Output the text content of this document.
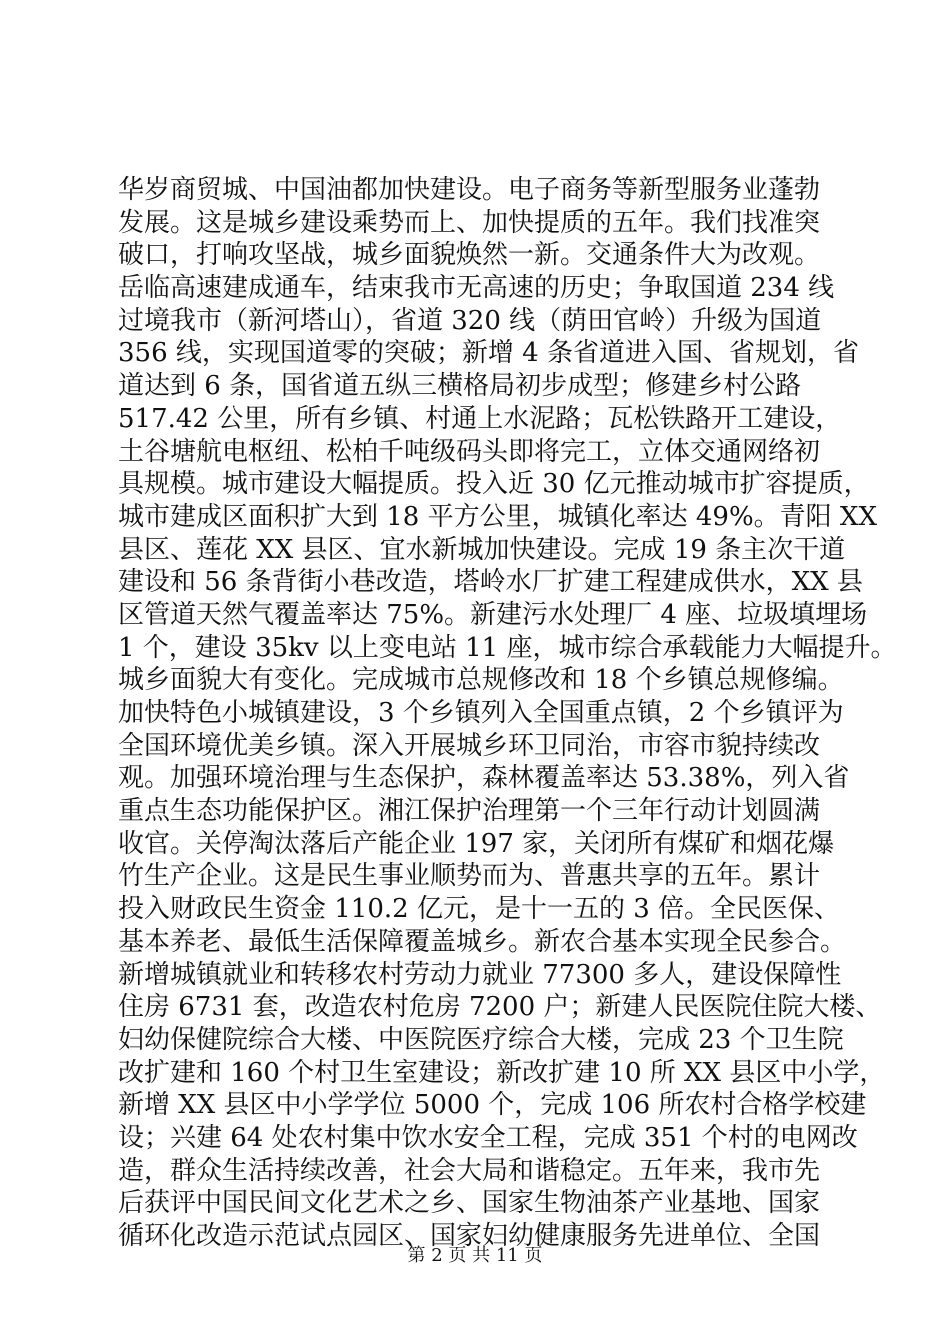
华岁商贸城、中国油都加快建设。电子商务等新型服务业蓬勃
发展。这是城乡建设乘势而上、加快提质的五年。我们找准突
破口，打响攻坚战，城乡面貌焕然一新。交通条件大为改观。
岳临高速建成通车，结束我市无高速的历史；争取国道 234 线
过境我市（新河塔山），省道 320 线（荫田官岭）升级为国道
356 线，实现国道零的突破；新增 4 条省道进入国、省规划，省
道达到 6 条，国省道五纵三横格局初步成型；修建乡村公路
517.42 公里，所有乡镇、村通上水泥路；瓦松铁路开工建设，
土谷塘航电枢纽、松柏千吨级码头即将完工，立体交通网络初
具规模。城市建设大幅提质。投入近 30 亿元推动城市扩容提质，
城市建成区面积扩大到 18 平方公里，城镇化率达 49%。青阳 XX
县区、莲花 XX 县区、宜水新城加快建设。完成 19 条主次干道
建设和 56 条背街小巷改造，塔岭水厂扩建工程建成供水，XX 县
区管道天然气覆盖率达 75%。新建污水处理厂 4 座、垃圾填埋场
1 个，建设 35kv 以上变电站 11 座，城市综合承载能力大幅提升。
城乡面貌大有变化。完成城市总规修改和 18 个乡镇总规修编。
加快特色小城镇建设，3 个乡镇列入全国重点镇，2 个乡镇评为
全国环境优美乡镇。深入开展城乡环卫同治，市容市貌持续改
观。加强环境治理与生态保护，森林覆盖率达 53.38%，列入省
重点生态功能保护区。湘江保护治理第一个三年行动计划圆满
收官。关停淘汰落后产能企业 197 家，关闭所有煤矿和烟花爆
竹生产企业。这是民生事业顺势而为、普惠共享的五年。累计
投入财政民生资金 110.2 亿元，是十一五的 3 倍。全民医保、
基本养老、最低生活保障覆盖城乡。新农合基本实现全民参合。
新增城镇就业和转移农村劳动力就业 77300 多人，建设保障性
住房 6731 套，改造农村危房 7200 户；新建人民医院住院大楼、
妇幼保健院综合大楼、中医院医疗综合大楼，完成 23 个卫生院
改扩建和 160 个村卫生室建设；新改扩建 10 所 XX 县区中小学，
新增 XX 县区中小学学位 5000 个，完成 106 所农村合格学校建
设；兴建 64 处农村集中饮水安全工程，完成 351 个村的电网改
造，群众生活持续改善，社会大局和谐稳定。五年来，我市先
后获评中国民间文化艺术之乡、国家生物油茶产业基地、国家
循环化改造示范试点园区、国家妇幼健康服务先进单位、全国
第 2 页 共 11 页
